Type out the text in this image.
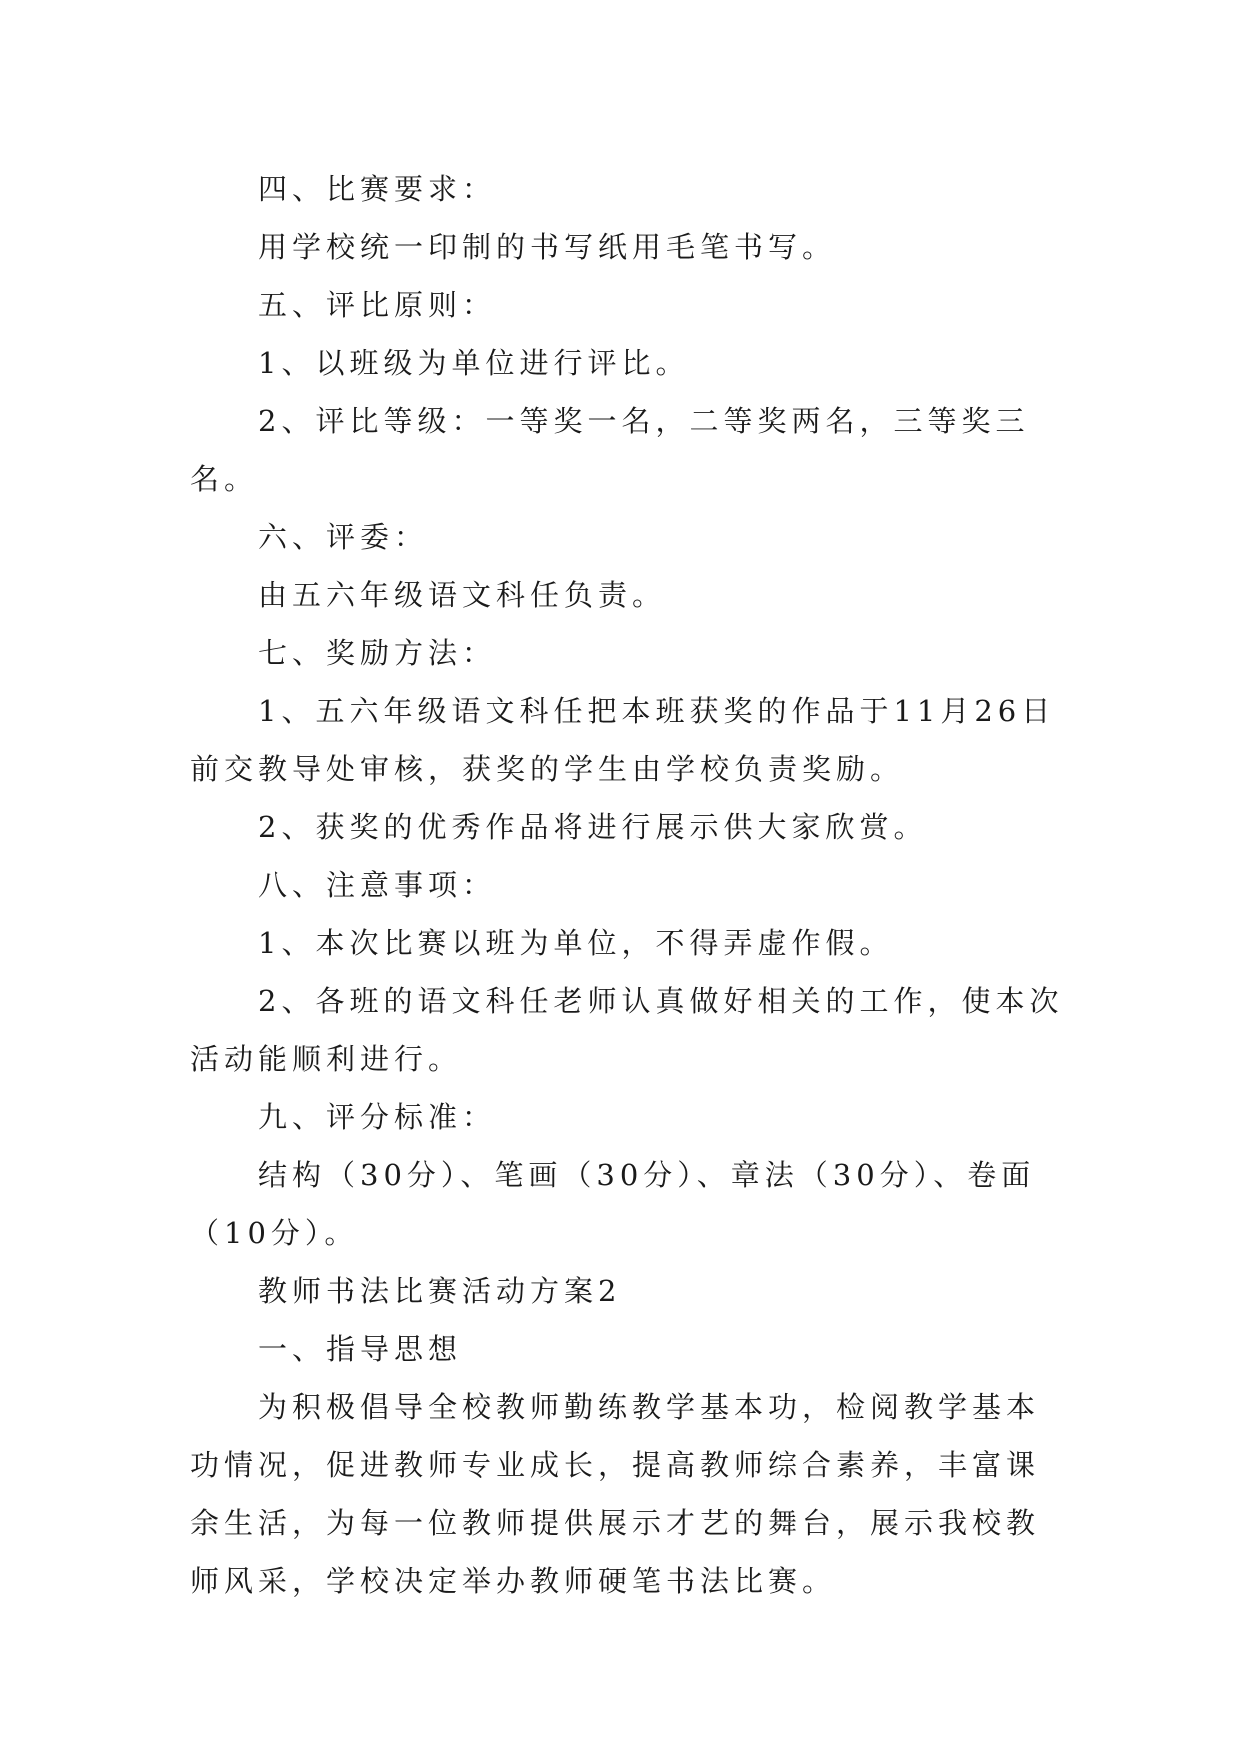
四、比赛要求：

用学校统一印制的书写纸用毛笔书写。

五、评比原则：

1、以班级为单位进行评比。

2、评比等级：一等奖一名，二等奖两名，三等奖三名。

六、评委：

由五六年级语文科任负责。

七、奖励方法：

1、五六年级语文科任把本班获奖的作品于11月26日前交教导处审核，获奖的学生由学校负责奖励。

2、获奖的优秀作品将进行展示供大家欣赏。

八、注意事项：

1、本次比赛以班为单位，不得弄虚作假。

2、各班的语文科任老师认真做好相关的工作，使本次活动能顺利进行。

九、评分标准：

结构（30分）、笔画（30分）、章法（30分）、卷面（10分）。

教师书法比赛活动方案2

一、指导思想

为积极倡导全校教师勤练教学基本功，检阅教学基本功情况，促进教师专业成长，提高教师综合素养，丰富课余生活，为每一位教师提供展示才艺的舞台，展示我校教师风采，学校决定举办教师硬笔书法比赛。
